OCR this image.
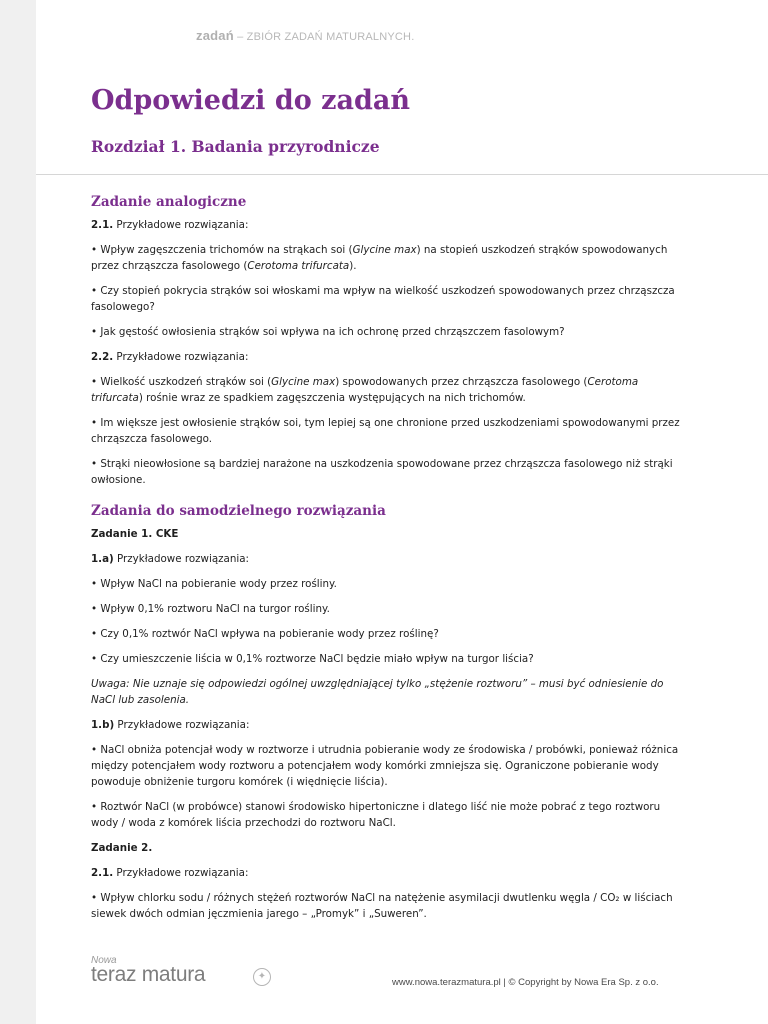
zadań – ZBIÓR ZADAŃ MATURALNYCH.
Odpowiedzi do zadań
Rozdział 1. Badania przyrodnicze
Zadanie analogiczne

2.1. Przykładowe rozwiązania:

• Wpływ zagęszczenia trichomów na strąkach soi (Glycine max) na stopień uszkodzeń strąków spowodowanych przez chrząszcza fasolowego (Cerotoma trifurcata).

• Czy stopień pokrycia strąków soi włoskami ma wpływ na wielkość uszkodzeń spowodowanych przez chrząszcza fasolowego?

• Jak gęstość owłosienia strąków soi wpływa na ich ochronę przed chrząszczem fasolowym?

2.2. Przykładowe rozwiązania:

• Wielkość uszkodzeń strąków soi (Glycine max) spowodowanych przez chrząszcza fasolowego (Cerotoma trifurcata) rośnie wraz ze spadkiem zagęszczenia występujących na nich trichomów.

• Im większe jest owłosienie strąków soi, tym lepiej są one chronione przed uszkodzeniami spowodowanymi przez chrząszcza fasolowego.

• Strąki nieowłosione są bardziej narażone na uszkodzenia spowodowane przez chrząszcza fasolowego niż strąki owłosione.

Zadania do samodzielnego rozwiązania

Zadanie 1. CKE

1.a) Przykładowe rozwiązania:

• Wpływ NaCl na pobieranie wody przez rośliny.

• Wpływ 0,1% roztworu NaCl na turgor rośliny.

• Czy 0,1% roztwór NaCl wpływa na pobieranie wody przez roślinę?

• Czy umieszczenie liścia w 0,1% roztworze NaCl będzie miało wpływ na turgor liścia?

Uwaga: Nie uznaje się odpowiedzi ogólnej uwzględniającej tylko „stężenie roztworu” – musi być odniesienie do NaCl lub zasolenia.

1.b) Przykładowe rozwiązania:

• NaCl obniża potencjał wody w roztworze i utrudnia pobieranie wody ze środowiska / probówki, ponieważ różnica między potencjałem wody roztworu a potencjałem wody komórki zmniejsza się. Ograniczone pobieranie wody powoduje obniżenie turgoru komórek (i więdnięcie liścia).

• Roztwór NaCl (w probówce) stanowi środowisko hipertoniczne i dlatego liść nie może pobrać z tego roztworu wody / woda z komórek liścia przechodzi do roztworu NaCl.

Zadanie 2.

2.1. Przykładowe rozwiązania:

• Wpływ chlorku sodu / różnych stężeń roztworów NaCl na natężenie asymilacji dwutlenku węgla / CO₂ w liściach siewek dwóch odmian jęczmienia jarego – „Promyk” i „Suweren”.

Nowa
teraz matura	✦
www.nowa.terazmatura.pl | © Copyright by Nowa Era Sp. z o.o.
